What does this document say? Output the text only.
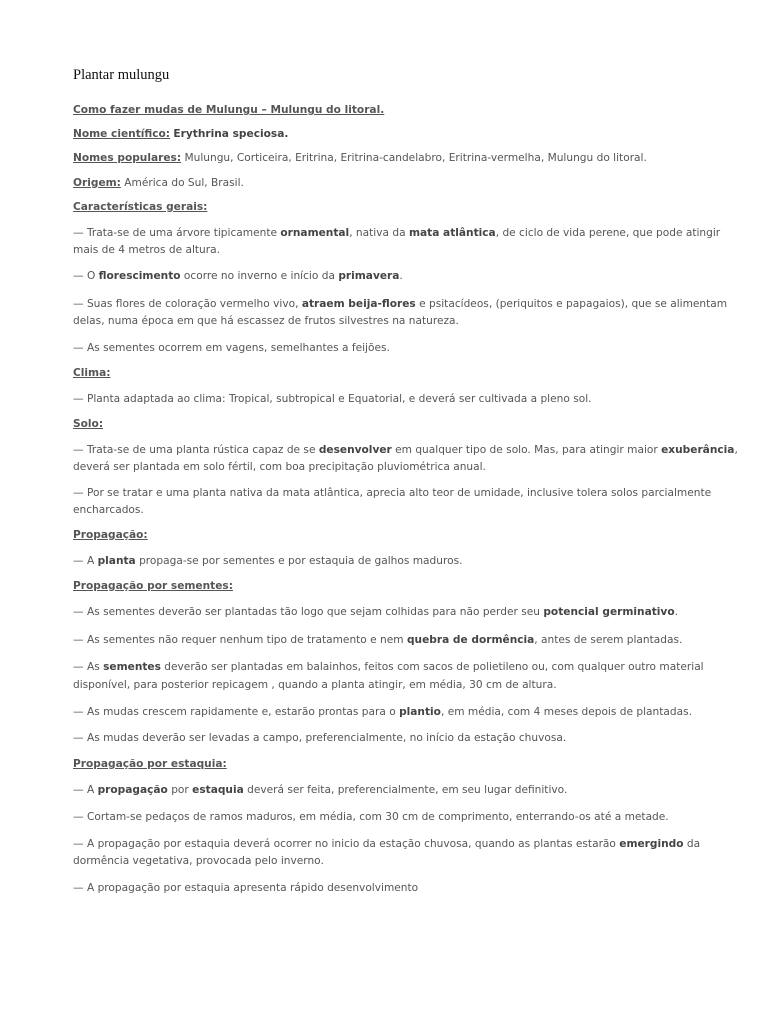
Plantar mulungu
Como fazer mudas de Mulungu – Mulungu do litoral.
Nome científico: Erythrina speciosa.
Nomes populares: Mulungu, Corticeira, Eritrina, Eritrina-candelabro, Eritrina-vermelha, Mulungu do litoral.
Origem: América do Sul, Brasil.
Características gerais:
— Trata-se de uma árvore tipicamente ornamental, nativa da mata atlântica, de ciclo de vida perene, que pode atingir
mais de 4 metros de altura.
— O florescimento ocorre no inverno e início da primavera.
— Suas flores de coloração vermelho vivo, atraem beija-flores e psitacídeos, (periquitos e papagaios), que se alimentam
delas, numa época em que há escassez de frutos silvestres na natureza.
— As sementes ocorrem em vagens, semelhantes a feijões.
Clima:
— Planta adaptada ao clima: Tropical, subtropical e Equatorial, e deverá ser cultivada a pleno sol.
Solo:
— Trata-se de uma planta rústica capaz de se desenvolver em qualquer tipo de solo. Mas, para atingir maior exuberância,
deverá ser plantada em solo fértil, com boa precipitação pluviométrica anual.
— Por se tratar e uma planta nativa da mata atlântica, aprecia alto teor de umidade, inclusive tolera solos parcialmente
encharcados.
Propagação:
— A planta propaga-se por sementes e por estaquia de galhos maduros.
Propagação por sementes:
— As sementes deverão ser plantadas tão logo que sejam colhidas para não perder seu potencial germinativo.
— As sementes não requer nenhum tipo de tratamento e nem quebra de dormência, antes de serem plantadas.
— As sementes deverão ser plantadas em balainhos, feitos com sacos de polietileno ou, com qualquer outro material
disponível, para posterior repicagem , quando a planta atingir, em média, 30 cm de altura.
— As mudas crescem rapidamente e, estarão prontas para o plantio, em média, com 4 meses depois de plantadas.
— As mudas deverão ser levadas a campo, preferencialmente, no início da estação chuvosa.
Propagação por estaquia:
— A propagação por estaquia deverá ser feita, preferencialmente, em seu lugar definitivo.
— Cortam-se pedaços de ramos maduros, em média, com 30 cm de comprimento, enterrando-os até a metade.
— A propagação por estaquia deverá ocorrer no inicio da estação chuvosa, quando as plantas estarão emergindo da
dormência vegetativa, provocada pelo inverno.
— A propagação por estaquia apresenta rápido desenvolvimento
